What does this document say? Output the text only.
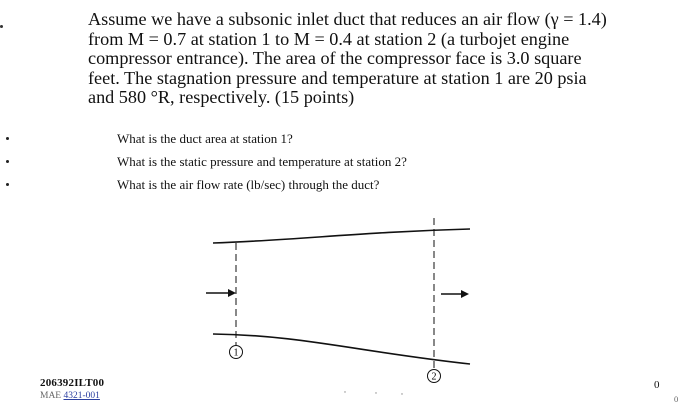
Assume we have a subsonic inlet duct that reduces an air flow (γ = 1.4)
from M = 0.7 at station 1 to M = 0.4 at station 2 (a turbojet engine
compressor entrance). The area of the compressor face is 3.0 square
feet. The stagnation pressure and temperature at station 1 are 20 psia
and 580 °R, respectively. (15 points)
What is the duct area at station 1?
What is the static pressure and temperature at station 2?
What is the air flow rate (lb/sec) through the duct?
1
2
206392ILT00
MAE 4321-001
0
0
